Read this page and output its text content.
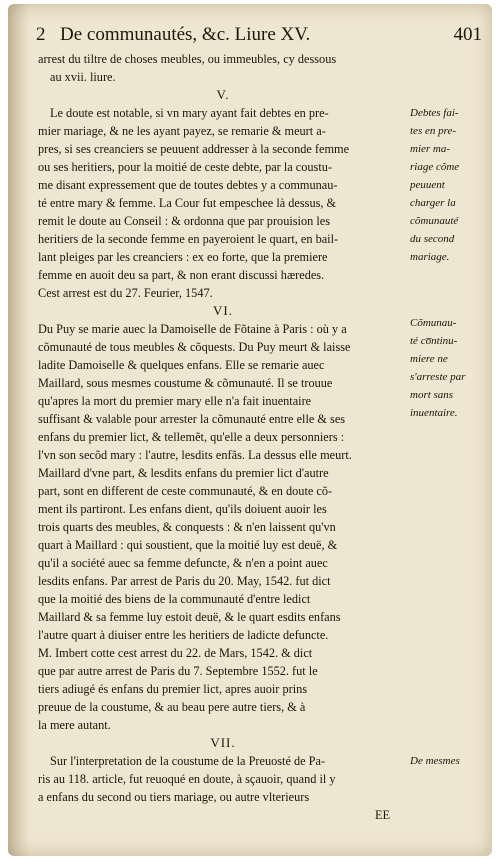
2 De communautés, &c. Liure XV.	401
arrest du tiltre de choses meubles, ou immeubles, cy dessous
au xvii. liure.
V.
Le doute est notable, si vn mary ayant fait debtes en pre-
mier mariage, & ne les ayant payez, se remarie & meurt a-
pres, si ses creanciers se peuuent addresser à la seconde femme
ou ses heritiers, pour la moitié de ceste debte, par la coustu-
me disant expressement que de toutes debtes y a communau-
té entre mary & femme. La Cour fut empeschee là dessus, &
remit le doute au Conseil : & ordonna que par prouision les
heritiers de la seconde femme en payeroient le quart, en bail-
lant pleiges par les creanciers : ex eo forte, que la premiere
femme en auoit deu sa part, & non erant discussi hæredes.
Cest arrest est du 27. Feurier, 1547.
VI.
Du Puy se marie auec la Damoiselle de Fõtaine à Paris : où y a
cõmunauté de tous meubles & cõquests. Du Puy meurt & laisse
ladite Damoiselle & quelques enfans. Elle se remarie auec
Maillard, sous mesmes coustume & cõmunauté. Il se trouue
qu'apres la mort du premier mary elle n'a fait inuentaire
suffisant & valable pour arrester la cõmunauté entre elle & ses
enfans du premier lict, & tellemẽt, qu'elle a deux personniers :
l'vn son secõd mary : l'autre, lesdits enfãs. La dessus elle meurt.
Maillard d'vne part, & lesdits enfans du premier lict d'autre
part, sont en different de ceste communauté, & en doute cõ-
ment ils partiront. Les enfans dient, qu'ils doiuent auoir les
trois quarts des meubles, & conquests : & n'en laissent qu'vn
quart à Maillard : qui soustient, que la moitié luy est deuë, &
qu'il a société auec sa femme defuncte, & n'en a point auec
lesdits enfans. Par arrest de Paris du 20. May, 1542. fut dict
que la moitié des biens de la communauté d'entre ledict
Maillard & sa femme luy estoit deuë, & le quart esdits enfans
l'autre quart à diuiser entre les heritiers de ladicte defuncte.
M. Imbert cotte cest arrest du 22. de Mars, 1542. & dict
que par autre arrest de Paris du 7. Septembre 1552. fut le
tiers adiugé és enfans du premier lict, apres auoir prins
preuue de la coustume, & au beau pere autre tiers, & à
la mere autant.
VII.
Sur l'interpretation de la coustume de la Preuosté de Pa-
ris au 118. article, fut reuoqué en doute, à sçauoir, quand il y
a enfans du second ou tiers mariage, ou autre vlterieurs
EE
Debtes fai-
tes en pre-
mier ma-
riage cõme
peuuent
charger la
cõmunauté
du second
mariage.
Cõmunau-
té co̅ntinu-
miere ne
s'arreste par
mort sans
inuentaire.
De mesmes
